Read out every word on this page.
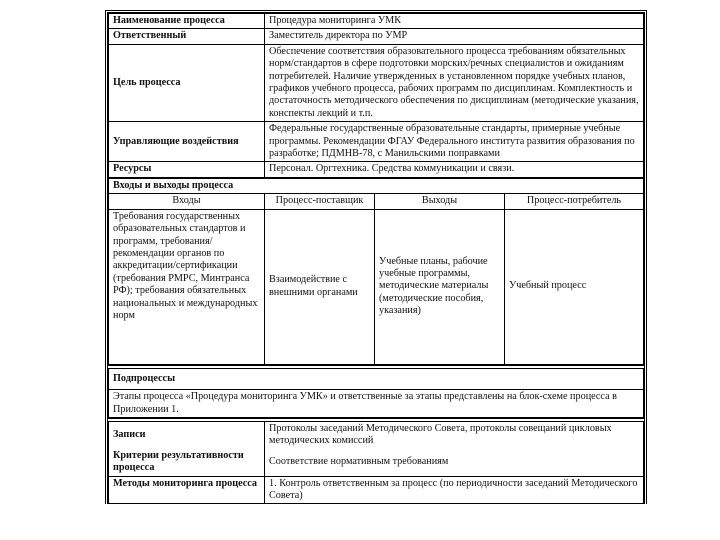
Наименование процесса	Процедура мониторинга УМК
Ответственный	Заместитель директора по УМР
Цель процесса	Обеспечение соответствия образовательного процесса требованиям обязательных норм/стандартов в сфере подготовки морских/речных специалистов и ожиданиям потребителей. Наличие утвержденных в установленном порядке учебных планов, графиков учебного процесса, рабочих программ по дисциплинам. Комплектность и достаточность методического обеспечения по дисциплинам (методические указания, конспекты лекций и т.п.
Управляющие воздействия	Федеральные государственные образовательные стандарты, примерные учебные программы. Рекомендации ФГАУ Федерального института развития образования по разработке; ПДМНВ-78, с Манильскими поправками
Ресурсы	Персонал. Оргтехника. Средства коммуникации и связи.
Входы и выходы процесса			
Входы	Процесс-поставщик	Выходы	Процесс-потребитель
Требования государственных образовательных стандартов и программ, требования/рекомендации органов по аккредитации/сертификации (требования РМРС, Минтранса РФ); требования обязательных национальных и международных норм	Взаимодействие с внешними органами	Учебные планы, рабочие учебные программы, методические материалы (методические пособия, указания)	Учебный процесс
Подпроцессы
Этапы процесса «Процедура мониторинга УМК» и ответственные за этапы представлены на блок-схеме процесса в Приложении 1.
Записи	Протоколы заседаний Методического Совета, протоколы совещаний цикловых методических комиссий
Критерии результативности процесса	Соответствие нормативным требованиям
Методы мониторинга процесса	1. Контроль ответственным за процесс (по периодичности заседаний Методического Совета)
